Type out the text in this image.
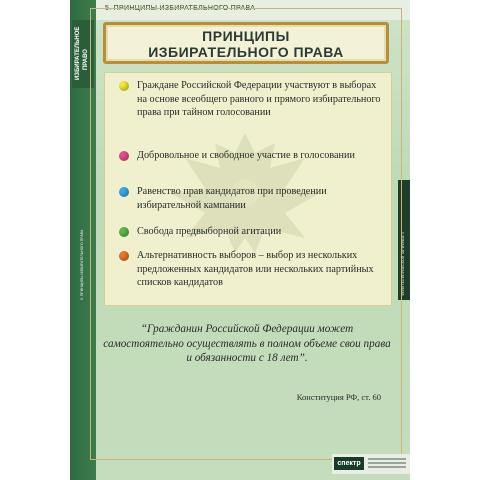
5. ПРИНЦИПЫ ИЗБИРАТЕЛЬНОГО ПРАВА
ИЗБИРАТЕЛЬНОЕ ПРАВО
5. ПРИНЦИПЫ ИЗБИРАТЕЛЬНОГО ПРАВА	ФЕНИ ПОЛИТИЧЕСКОЙ ТАРИФНЫЕ 4
ПРИНЦИПЫ
ИЗБИРАТЕЛЬНОГО ПРАВА
Граждане Российской Федерации участвуют в выборах на основе всеобщего равного и прямого избирательного права при тайном голосовании
Добровольное и свободное участие в голосовании
Равенство прав кандидатов при проведении избирательной кампании
Свобода предвыборной агитации
Альтернативность выборов – выбор из нескольких предложенных кандидатов или нескольких партийных списков кандидатов
“Гражданин Российской Федерации может самостоятельно осуществлять в полном объеме свои права и обязанности с 18 лет”.
Конституция РФ, ст. 60
спектр
